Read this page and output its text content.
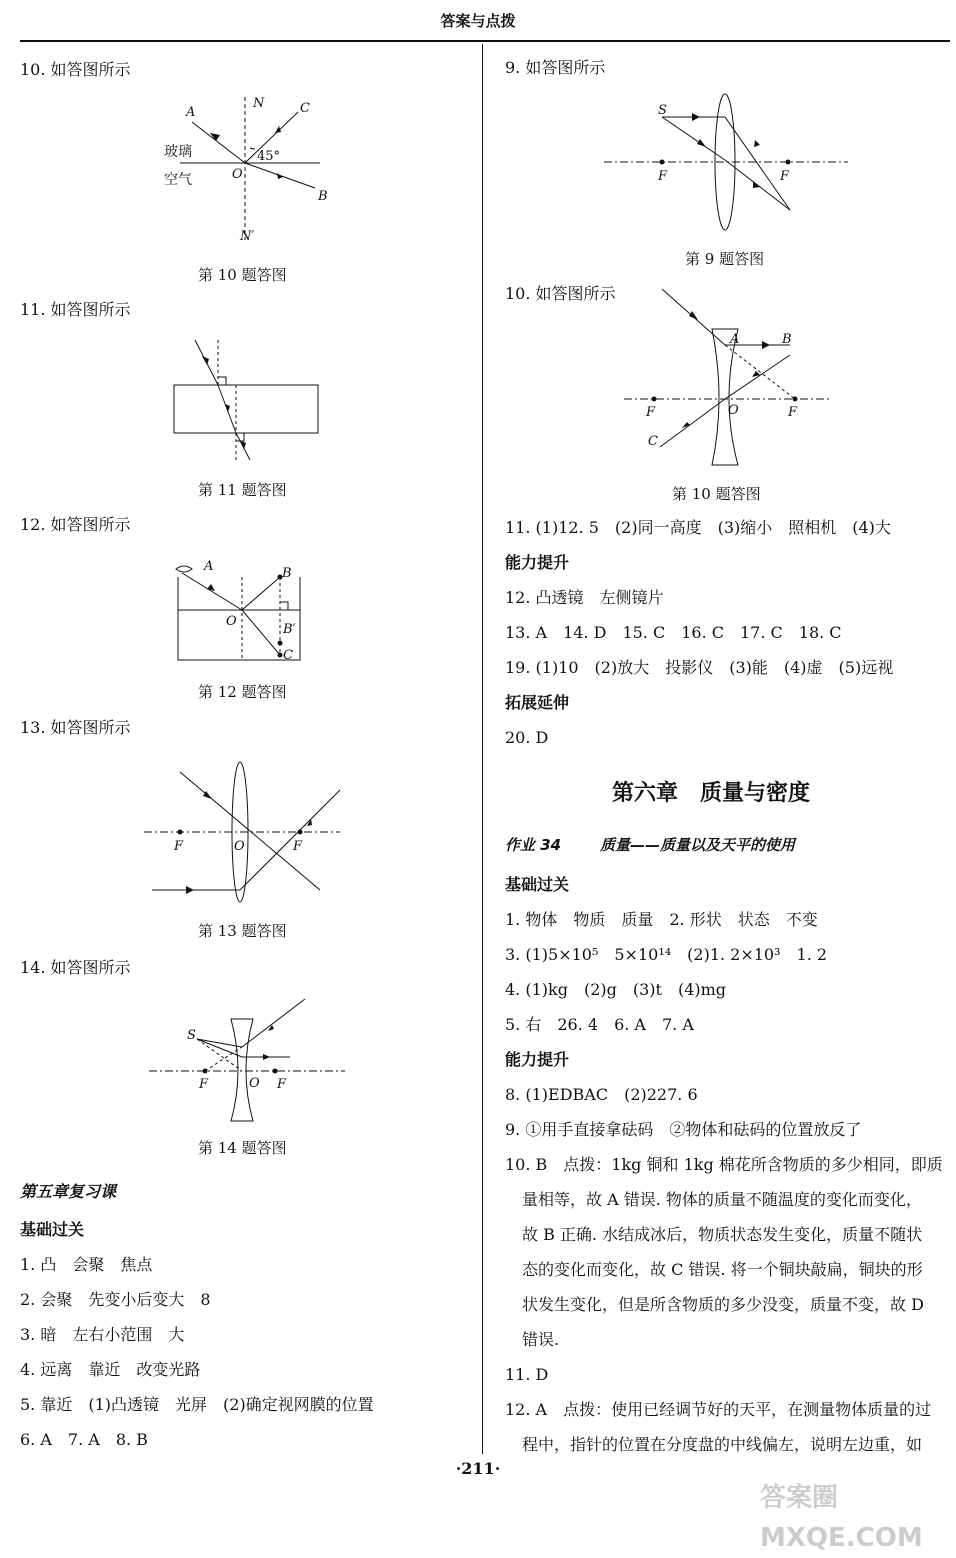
答案与点拨
10. 如答图所示
A
N	C
玻璃
空气	O
45°
B
N′
第 10 题答图
11. 如答图所示
第 11 题答图
12. 如答图所示
A	B
O
B′
C
第 12 题答图
13. 如答图所示
F	O	F
第 13 题答图
14. 如答图所示
S
F	O F
第 14 题答图
第五章复习课
基础过关
1. 凸　会聚　焦点
2. 会聚　先变小后变大　8
3. 暗　左右小范围　大
4. 远离　靠近　改变光路
5. 靠近　(1)凸透镜　光屏　(2)确定视网膜的位置
6. A　7. A　8. B
9. 如答图所示
S
F	F
第 9 题答图
10. 如答图所示
A	B
F	O	F
C
第 10 题答图
11. (1)12. 5　(2)同一高度　(3)缩小　照相机　(4)大
能力提升
12. 凸透镜　左侧镜片
13. A　14. D　15. C　16. C　17. C　18. C
19. (1)10　(2)放大　投影仪　(3)能　(4)虚　(5)远视
拓展延伸
20. D
第六章　质量与密度
作业 34	质量——质量以及天平的使用
基础过关
1. 物体　物质　质量　2. 形状　状态　不变
3. (1)5×10⁵　5×10¹⁴　(2)1. 2×10³　1. 2
4. (1)kg　(2)g　(3)t　(4)mg
5. 右　26. 4　6. A　7. A
能力提升
8. (1)EDBAC　(2)227. 6
9. ①用手直接拿砝码　②物体和砝码的位置放反了
10. B　点拨：1kg 铜和 1kg 棉花所含物质的多少相同，即质
量相等，故 A 错误. 物体的质量不随温度的变化而变化，
故 B 正确. 水结成冰后，物质状态发生变化，质量不随状
态的变化而变化，故 C 错误. 将一个铜块敲扁，铜块的形
状发生变化，但是所含物质的多少没变，质量不变，故 D
错误.
11. D
12. A　点拨：使用已经调节好的天平，在测量物体质量的过
程中，指针的位置在分度盘的中线偏左，说明左边重，如
·211·
答案圈 MXQE.COM
